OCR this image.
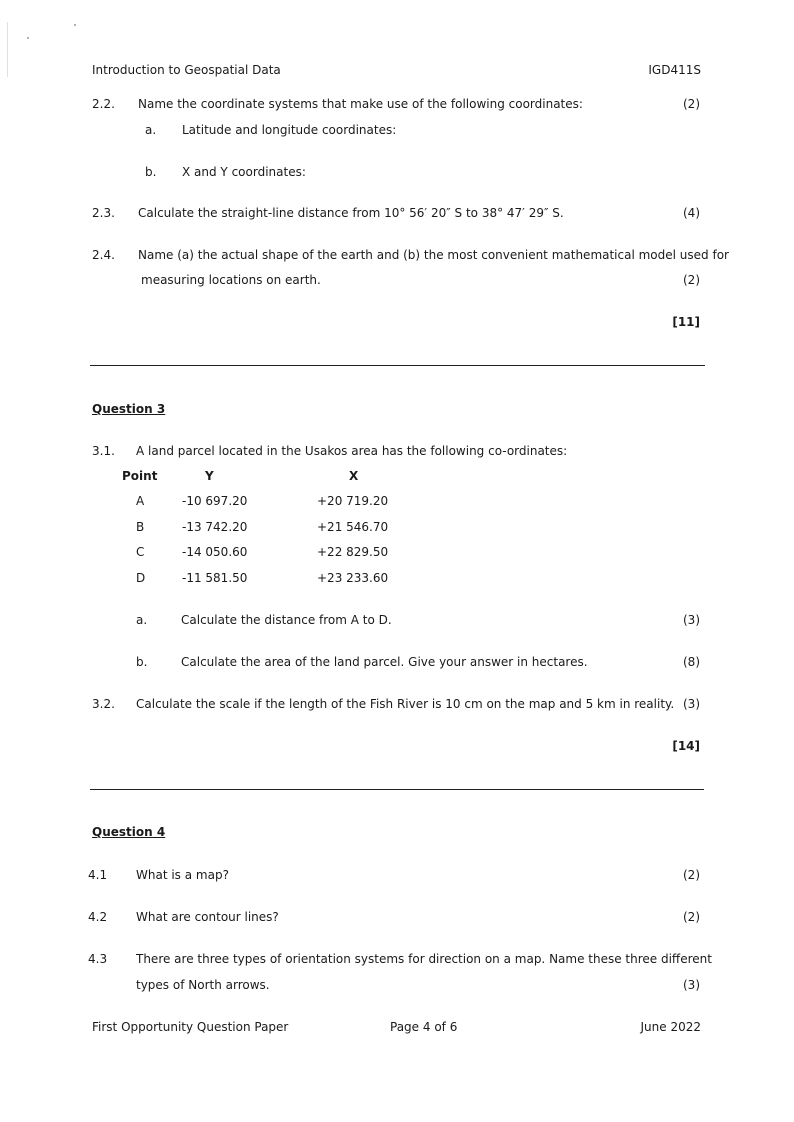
Introduction to Geospatial Data	IGD411S
2.2. Name the coordinate systems that make use of the following coordinates:	(2)
a. Latitude and longitude coordinates:
b. X and Y coordinates:
2.3. Calculate the straight-line distance from 10° 56′ 20″ S to 38° 47′ 29″ S.	(4)
2.4. Name (a) the actual shape of the earth and (b) the most convenient mathematical model used for
measuring locations on earth.	(2)
[11]
Question 3
3.1. A land parcel located in the Usakos area has the following co-ordinates:
Point	Y	X
A	-10 697.20	+20 719.20
B	-13 742.20	+21 546.70
C	-14 050.60	+22 829.50
D	-11 581.50	+23 233.60
a.	Calculate the distance from A to D.	(3)
b.	Calculate the area of the land parcel. Give your answer in hectares.	(8)
3.2. Calculate the scale if the length of the Fish River is 10 cm on the map and 5 km in reality. (3)
[14]
Question 4
4.1 What is a map?	(2)
4.2 What are contour lines?	(2)
4.3 There are three types of orientation systems for direction on a map. Name these three different
types of North arrows.	(3)
First Opportunity Question Paper	Page 4 of 6	June 2022
